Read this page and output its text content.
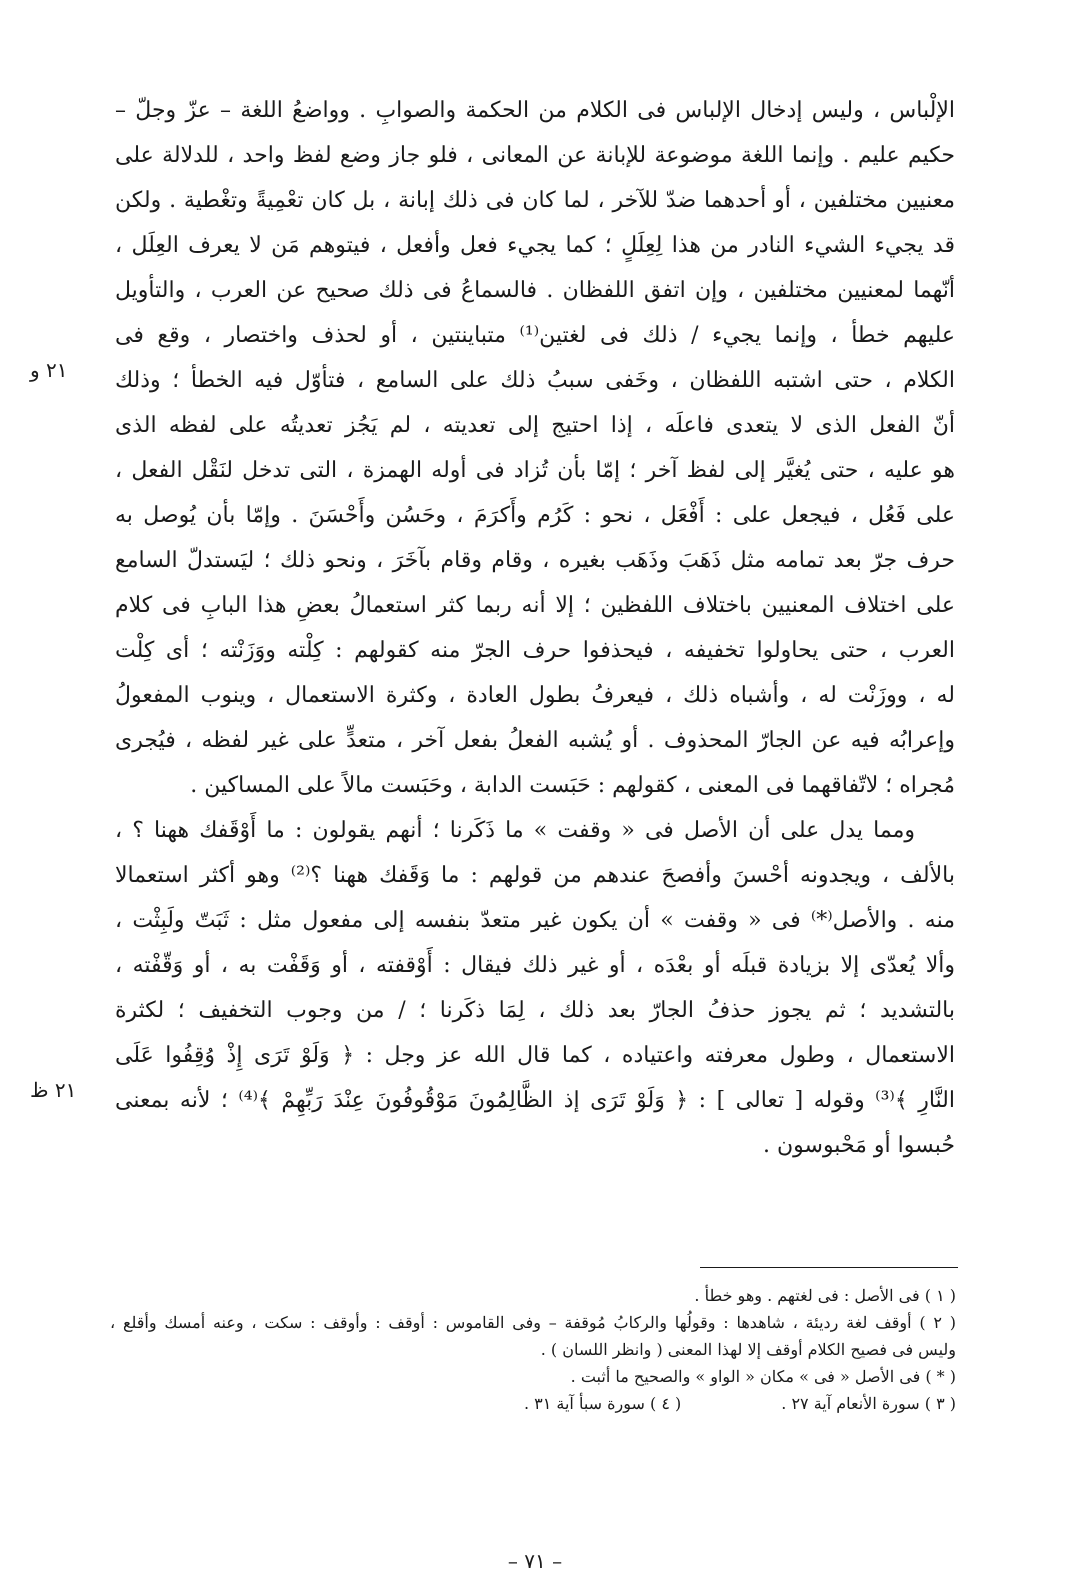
الإلْباس ، وليس إدخال الإلباس فى الكلام من الحكمة والصوابِ . وواضعُ اللغة – عزّ وجلّ –
حكيم عليم . وإنما اللغة موضوعة للإبانة عن المعانى ، فلو جاز وضع لفظ واحد ، للدلالة على
معنيين مختلفين ، أو أحدهما ضدّ للآخر ، لما كان فى ذلك إبانة ، بل كان تعْمِيةً وتغْطية . ولكن
قد يجيء الشيء النادر من هذا لِعِلَلٍ ؛ كما يجيء فعل وأفعل ، فيتوهم مَن لا يعرف العِلَل ،
أنّهما لمعنيين مختلفين ، وإن اتفق اللفظان . فالسماعُ فى ذلك صحيح عن العرب ، والتأويل
عليهم خطأ ، وإنما يجيء / ذلك فى لغتين⁽¹⁾ متباينتين ، أو لحذف واختصار ، وقع فى
الكلام ، حتى اشتبه اللفظان ، وخَفى سببُ ذلك على السامع ، فتأوّل فيه الخطأ ؛ وذلك
أنّ الفعل الذى لا يتعدى فاعلَه ، إذا احتيج إلى تعديته ، لم يَجُز تعديتُه على لفظه الذى
هو عليه ، حتى يُغيَّر إلى لفظ آخر ؛ إمّا بأن تُزاد فى أوله الهمزة ، التى تدخل لنَقْل الفعل ،
على فَعُل ، فيجعل على : أَفْعَل ، نحو : كَرُم وأَكرَمَ ، وحَسُن وأَحْسَنَ . وإمّا بأن يُوصل به
حرف جرّ بعد تمامه مثل ذَهَبَ وذَهَب بغيره ، وقام وقام بآخَرَ ، ونحو ذلك ؛ ليَستدلّ السامع
على اختلاف المعنيين باختلاف اللفظين ؛ إلا أنه ربما كثر استعمالُ بعضِ هذا البابِ فى كلام
العرب ، حتى يحاولوا تخفيفه ، فيحذفوا حرف الجرّ منه كقولهم : كِلْته ووَزَنْته ؛ أى كِلْت
له ، ووزَنْت له ، وأشباه ذلك ، فيعرفُ بطول العادة ، وكثرة الاستعمال ، وينوب المفعولُ
وإعرابُه فيه عن الجارّ المحذوف . أو يُشبه الفعلُ بفعل آخر ، متعدٍّ على غير لفظه ، فيُجرى
مُجراه ؛ لاتّفاقهما فى المعنى ، كقولهم : حَبَست الدابة ، وحَبَست مالاً على المساكين .
ومما يدل على أن الأصل فى « وقفت » ما ذَكَرنا ؛ أنهم يقولون : ما أَوْقَفك ههنا ؟ ،
بالألف ، ويجدونه أحْسنَ وأفصحَ عندهم من قولهم : ما وَقَفك ههنا ؟⁽²⁾ وهو أكثر استعمالا
منه . والأصل⁽*⁾ فى « وقفت » أن يكون غير متعدّ بنفسه إلى مفعول مثل : ثَبَتّ ولَبِثْت ،
وألا يُعدّى إلا بزيادة قبلَه أو بعْدَه ، أو غير ذلك فيقال : أَوْقفته ، أو وَقَفْت به ، أو وَقّفْته ،
بالتشديد ؛ ثم يجوز حذفُ الجارّ بعد ذلك ، لِمَا ذكَرنا ؛ / من وجوب التخفيف ؛ لكثرة
الاستعمال ، وطول معرفته واعتياده ، كما قال الله عز وجل : ﴿ وَلَوْ تَرَى إِذْ وُقِفُوا عَلَى
النَّارِ ﴾⁽³⁾ وقوله [ تعالى ] : ﴿ وَلَوْ تَرَى إذ الظَّالِمُونَ مَوْقُوفُونَ عِنْدَ رَبِّهِمْ ﴾⁽⁴⁾ ؛ لأنه بمعنى
حُبسوا أو مَحْبوسون .
٢١ و
٢١ ظ
( ١ ) فى الأصل : فى لغتهم . وهو خطأ .
( ٢ ) أوقف لغة رديئة ، شاهدها : وقولُها والركابُ مُوقفة – وفى القاموس : أوقف : وأوقف : سكت ، وعنه أمسك وأقلع ،
وليس فى فصيح الكلام أوقف إلا لهذا المعنى ( وانظر اللسان ) .
( * ) فى الأصل « فى » مكان « الواو » والصحيح ما أثبت .
( ٣ ) سورة الأنعام آية ٢٧ .
( ٤ ) سورة سبأ آية ٣١ .
– ٧١ –
